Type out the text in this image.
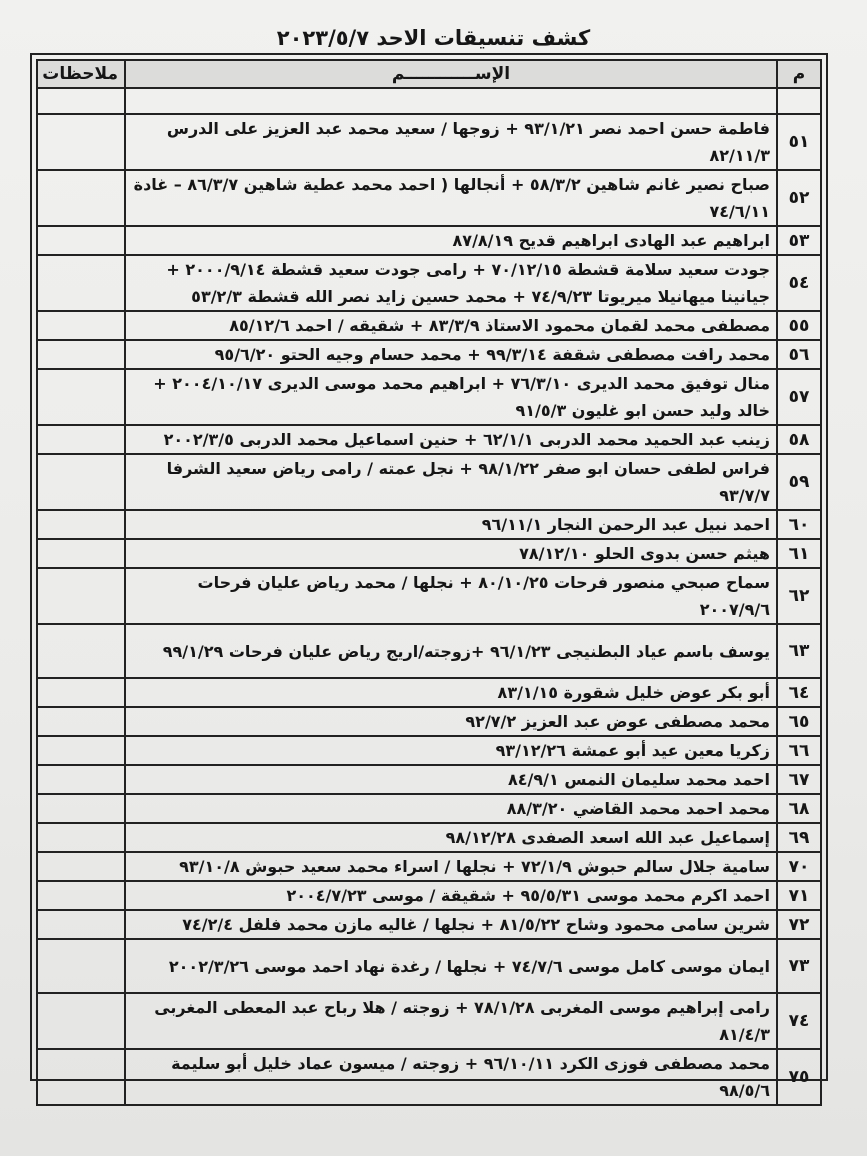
كشف تنسيقات الاحد ٢٠٢٣/٥/٧
م	الإســــــــــــم	ملاحظات

٥١	فاطمة حسن احمد نصر ٩٣/١/٢١ + زوجها / سعيد محمد عبد العزيز على الدرس ٨٢/١١/٣	
٥٢	صباح نصير غانم شاهين ٥٨/٣/٢ + أنجالها ( احمد محمد عطية شاهين ٨٦/٣/٧ – غادة ٧٤/٦/١١	
٥٣	ابراهيم عبد الهادى ابراهيم قديح ٨٧/٨/١٩	
٥٤	جودت سعيد سلامة قشطة ٧٠/١٢/١٥ + رامى جودت سعيد قشطة ٢٠٠٠/٩/١٤ + جيانينا ميهانيلا ميريوتا ٧٤/٩/٢٣ + محمد حسين زايد نصر الله قشطة ٥٣/٢/٣	
٥٥	مصطفى محمد لقمان محمود الاستاذ ٨٣/٣/٩ + شقيقه / احمد ٨٥/١٢/٦	
٥٦	محمد رافت مصطفى شقفة ٩٩/٣/١٤ + محمد حسام وجيه الحتو ٩٥/٦/٢٠	
٥٧	منال توفيق محمد الديرى ٧٦/٣/١٠ + ابراهيم محمد موسى الديرى ٢٠٠٤/١٠/١٧ + خالد وليد حسن ابو غليون ٩١/٥/٣	
٥٨	زينب عبد الحميد محمد الدربى ٦٢/١/١ + حنين اسماعيل محمد الدربى ٢٠٠٢/٣/٥	
٥٩	فراس لطفى حسان ابو صفر ٩٨/١/٢٢ + نجل عمته / رامى رياض سعيد الشرفا ٩٣/٧/٧	
٦٠	احمد نبيل عبد الرحمن النجار ٩٦/١١/١	
٦١	هيثم حسن بدوى الحلو ٧٨/١٢/١٠	
٦٢	سماح صبحي منصور فرحات ٨٠/١٠/٢٥ + نجلها / محمد رياض عليان فرحات ٢٠٠٧/٩/٦	
٦٣	يوسف باسم عياد البطنيجى ٩٦/١/٢٣ +زوجته/اريج رياض عليان فرحات ٩٩/١/٢٩	
٦٤	أبو بكر عوض خليل شقورة ٨٣/١/١٥	
٦٥	محمد مصطفى عوض عبد العزيز ٩٢/٧/٢	
٦٦	زكريا معين عيد أبو عمشة ٩٣/١٢/٢٦	
٦٧	احمد محمد سليمان النمس ٨٤/٩/١	
٦٨	محمد احمد محمد القاضي ٨٨/٣/٢٠	
٦٩	إسماعيل عبد الله اسعد الصفدى ٩٨/١٢/٢٨	
٧٠	سامية جلال سالم حبوش ٧٢/١/٩ + نجلها / اسراء محمد سعيد حبوش ٩٣/١٠/٨	
٧١	احمد اكرم محمد موسى ٩٥/٥/٣١ + شقيقة / موسى ٢٠٠٤/٧/٢٣	
٧٢	شرين سامى محمود وشاح ٨١/٥/٢٢ + نجلها / غاليه مازن محمد فلفل ٧٤/٢/٤	
٧٣	ايمان موسى كامل موسى ٧٤/٧/٦ + نجلها / رغدة نهاد احمد موسى ٢٠٠٢/٣/٢٦	
٧٤	رامى إبراهيم موسى المغربى ٧٨/١/٢٨ + زوجته / هلا رباح عبد المعطى المغربى ٨١/٤/٣	
٧٥	محمد مصطفى فوزى الكرد ٩٦/١٠/١١ + زوجته / ميسون عماد خليل أبو سليمة ٩٨/٥/٦	
